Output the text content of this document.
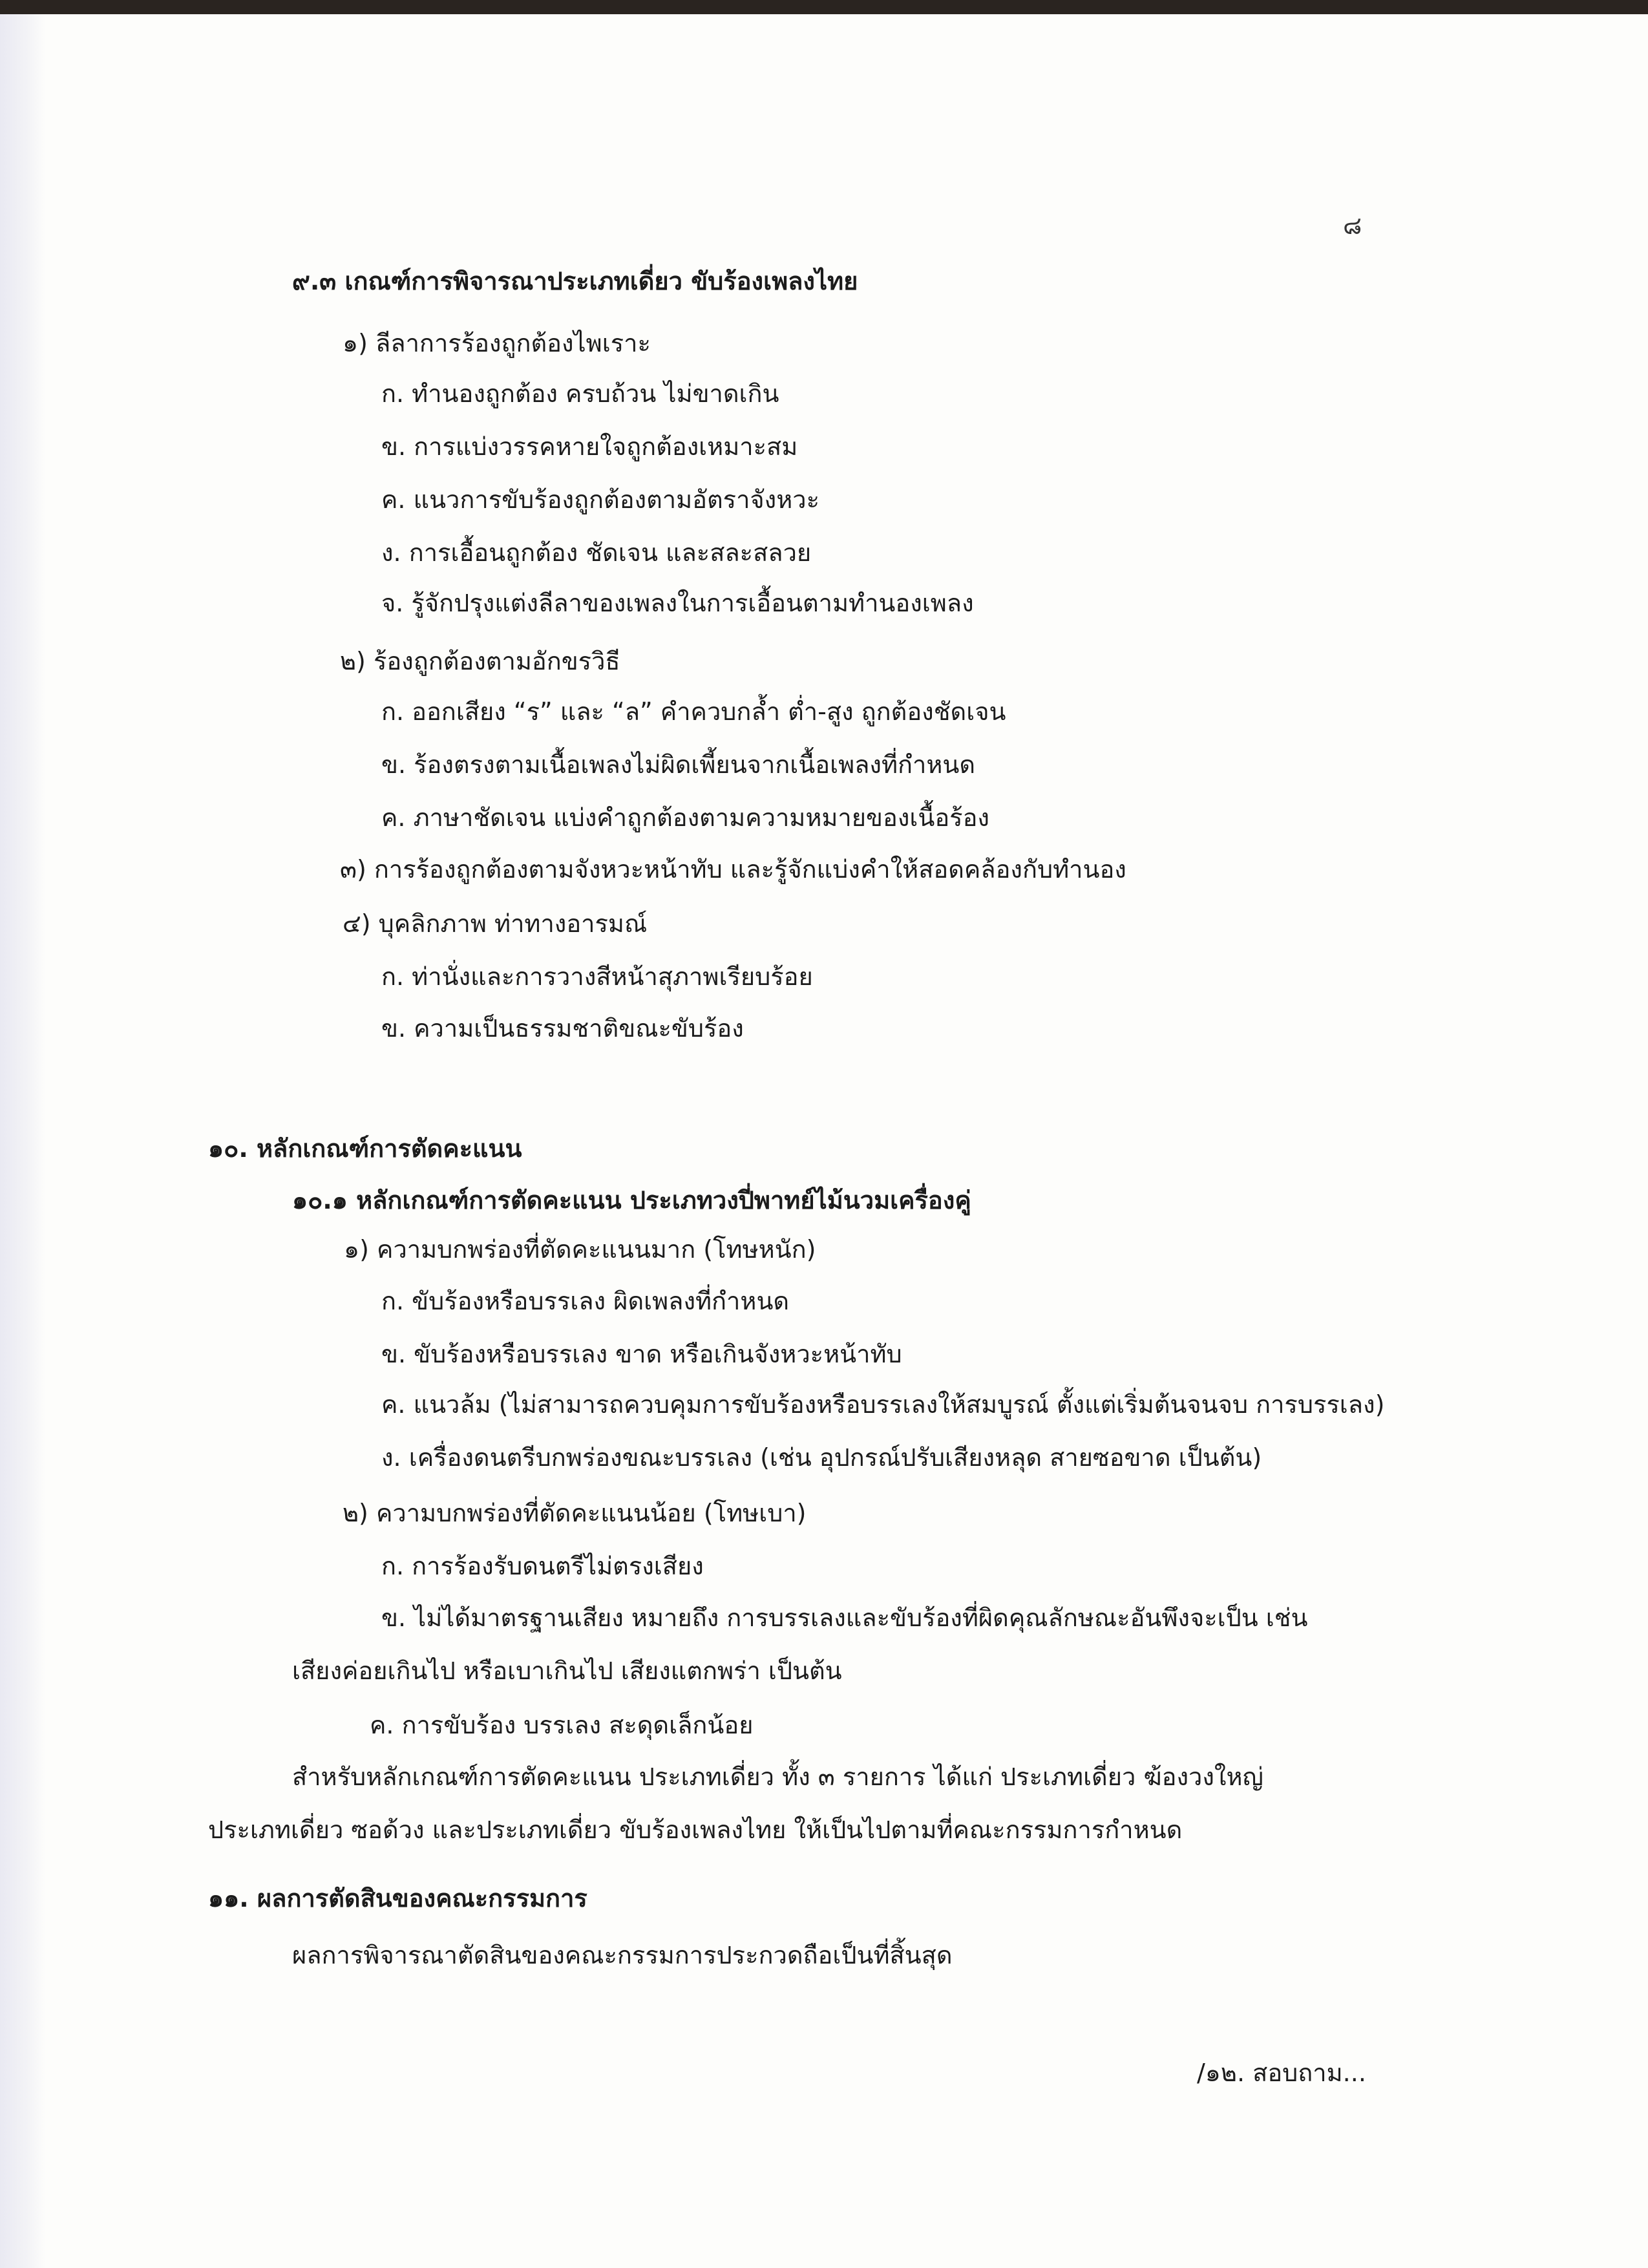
๘
๙.๓ เกณฑ์การพิจารณาประเภทเดี่ยว ขับร้องเพลงไทย
๑) ลีลาการร้องถูกต้องไพเราะ
ก. ทำนองถูกต้อง ครบถ้วน ไม่ขาดเกิน
ข. การแบ่งวรรคหายใจถูกต้องเหมาะสม
ค. แนวการขับร้องถูกต้องตามอัตราจังหวะ
ง. การเอื้อนถูกต้อง ชัดเจน และสละสลวย
จ. รู้จักปรุงแต่งลีลาของเพลงในการเอื้อนตามทำนองเพลง
๒) ร้องถูกต้องตามอักขรวิธี
ก. ออกเสียง “ร” และ “ล” คำควบกล้ำ ต่ำ-สูง ถูกต้องชัดเจน
ข. ร้องตรงตามเนื้อเพลงไม่ผิดเพี้ยนจากเนื้อเพลงที่กำหนด
ค. ภาษาชัดเจน แบ่งคำถูกต้องตามความหมายของเนื้อร้อง
๓) การร้องถูกต้องตามจังหวะหน้าทับ และรู้จักแบ่งคำให้สอดคล้องกับทำนอง
๔) บุคลิกภาพ ท่าทางอารมณ์
ก. ท่านั่งและการวางสีหน้าสุภาพเรียบร้อย
ข. ความเป็นธรรมชาติขณะขับร้อง
๑๐. หลักเกณฑ์การตัดคะแนน
๑๐.๑ หลักเกณฑ์การตัดคะแนน ประเภทวงปี่พาทย์ไม้นวมเครื่องคู่
๑) ความบกพร่องที่ตัดคะแนนมาก (โทษหนัก)
ก. ขับร้องหรือบรรเลง ผิดเพลงที่กำหนด
ข. ขับร้องหรือบรรเลง ขาด หรือเกินจังหวะหน้าทับ
ค. แนวล้ม (ไม่สามารถควบคุมการขับร้องหรือบรรเลงให้สมบูรณ์ ตั้งแต่เริ่มต้นจนจบ การบรรเลง)
ง. เครื่องดนตรีบกพร่องขณะบรรเลง (เช่น อุปกรณ์ปรับเสียงหลุด สายซอขาด เป็นต้น)
๒) ความบกพร่องที่ตัดคะแนนน้อย (โทษเบา)
ก. การร้องรับดนตรีไม่ตรงเสียง
ข. ไม่ได้มาตรฐานเสียง หมายถึง การบรรเลงและขับร้องที่ผิดคุณลักษณะอันพึงจะเป็น เช่น
เสียงค่อยเกินไป หรือเบาเกินไป เสียงแตกพร่า เป็นต้น
ค. การขับร้อง บรรเลง สะดุดเล็กน้อย
สำหรับหลักเกณฑ์การตัดคะแนน ประเภทเดี่ยว ทั้ง ๓ รายการ ได้แก่ ประเภทเดี่ยว ฆ้องวงใหญ่
ประเภทเดี่ยว ซอด้วง และประเภทเดี่ยว ขับร้องเพลงไทย ให้เป็นไปตามที่คณะกรรมการกำหนด
๑๑. ผลการตัดสินของคณะกรรมการ
ผลการพิจารณาตัดสินของคณะกรรมการประกวดถือเป็นที่สิ้นสุด
/๑๒. สอบถาม...
